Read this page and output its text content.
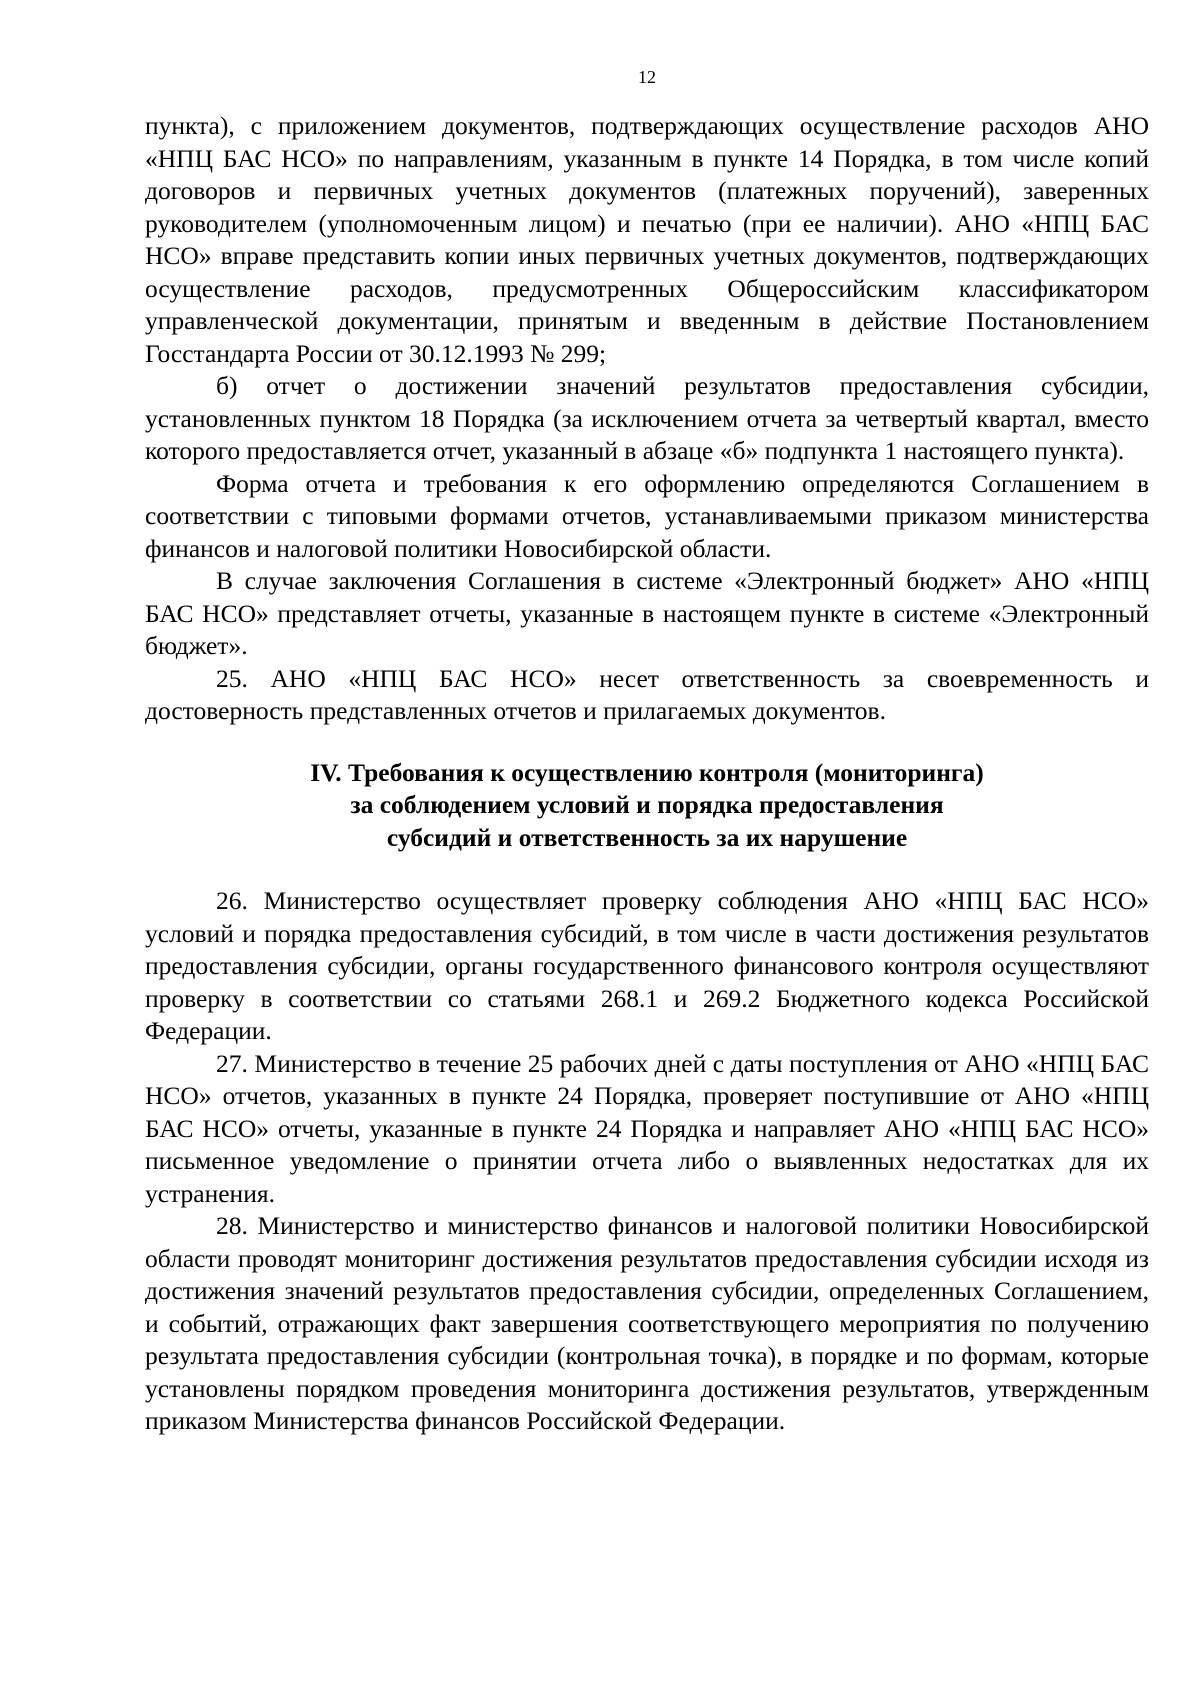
12

пункта), с приложением документов, подтверждающих осуществление расходов АНО «НПЦ БАС НСО» по направлениям, указанным в пункте 14 Порядка, в том числе копий договоров и первичных учетных документов (платежных поручений), заверенных руководителем (уполномоченным лицом) и печатью (при ее наличии). АНО «НПЦ БАС НСО» вправе представить копии иных первичных учетных документов, подтверждающих осуществление расходов, предусмотренных Общероссийским классификатором управленческой документации, принятым и введенным в действие Постановлением Госстандарта России от 30.12.1993 № 299;

б) отчет о достижении значений результатов предоставления субсидии, установленных пунктом 18 Порядка (за исключением отчета за четвертый квартал, вместо которого предоставляется отчет, указанный в абзаце «б» подпункта 1 настоящего пункта).

Форма отчета и требования к его оформлению определяются Соглашением в соответствии с типовыми формами отчетов, устанавливаемыми приказом министерства финансов и налоговой политики Новосибирской области.

В случае заключения Соглашения в системе «Электронный бюджет» АНО «НПЦ БАС НСО» представляет отчеты, указанные в настоящем пункте в системе «Электронный бюджет».

25. АНО «НПЦ БАС НСО» несет ответственность за своевременность и достоверность представленных отчетов и прилагаемых документов.

IV. Требования к осуществлению контроля (мониторинга)
за соблюдением условий и порядка предоставления
субсидий и ответственность за их нарушение

26. Министерство осуществляет проверку соблюдения АНО «НПЦ БАС НСО» условий и порядка предоставления субсидий, в том числе в части достижения результатов предоставления субсидии, органы государственного финансового контроля осуществляют проверку в соответствии со статьями 268.1 и 269.2 Бюджетного кодекса Российской Федерации.

27. Министерство в течение 25 рабочих дней с даты поступления от АНО «НПЦ БАС НСО» отчетов, указанных в пункте 24 Порядка, проверяет поступившие от АНО «НПЦ БАС НСО» отчеты, указанные в пункте 24 Порядка и направляет АНО «НПЦ БАС НСО» письменное уведомление о принятии отчета либо о выявленных недостатках для их устранения.

28. Министерство и министерство финансов и налоговой политики Новосибирской области проводят мониторинг достижения результатов предоставления субсидии исходя из достижения значений результатов предоставления субсидии, определенных Соглашением, и событий, отражающих факт завершения соответствующего мероприятия по получению результата предоставления субсидии (контрольная точка), в порядке и по формам, которые установлены порядком проведения мониторинга достижения результатов, утвержденным приказом Министерства финансов Российской Федерации.
